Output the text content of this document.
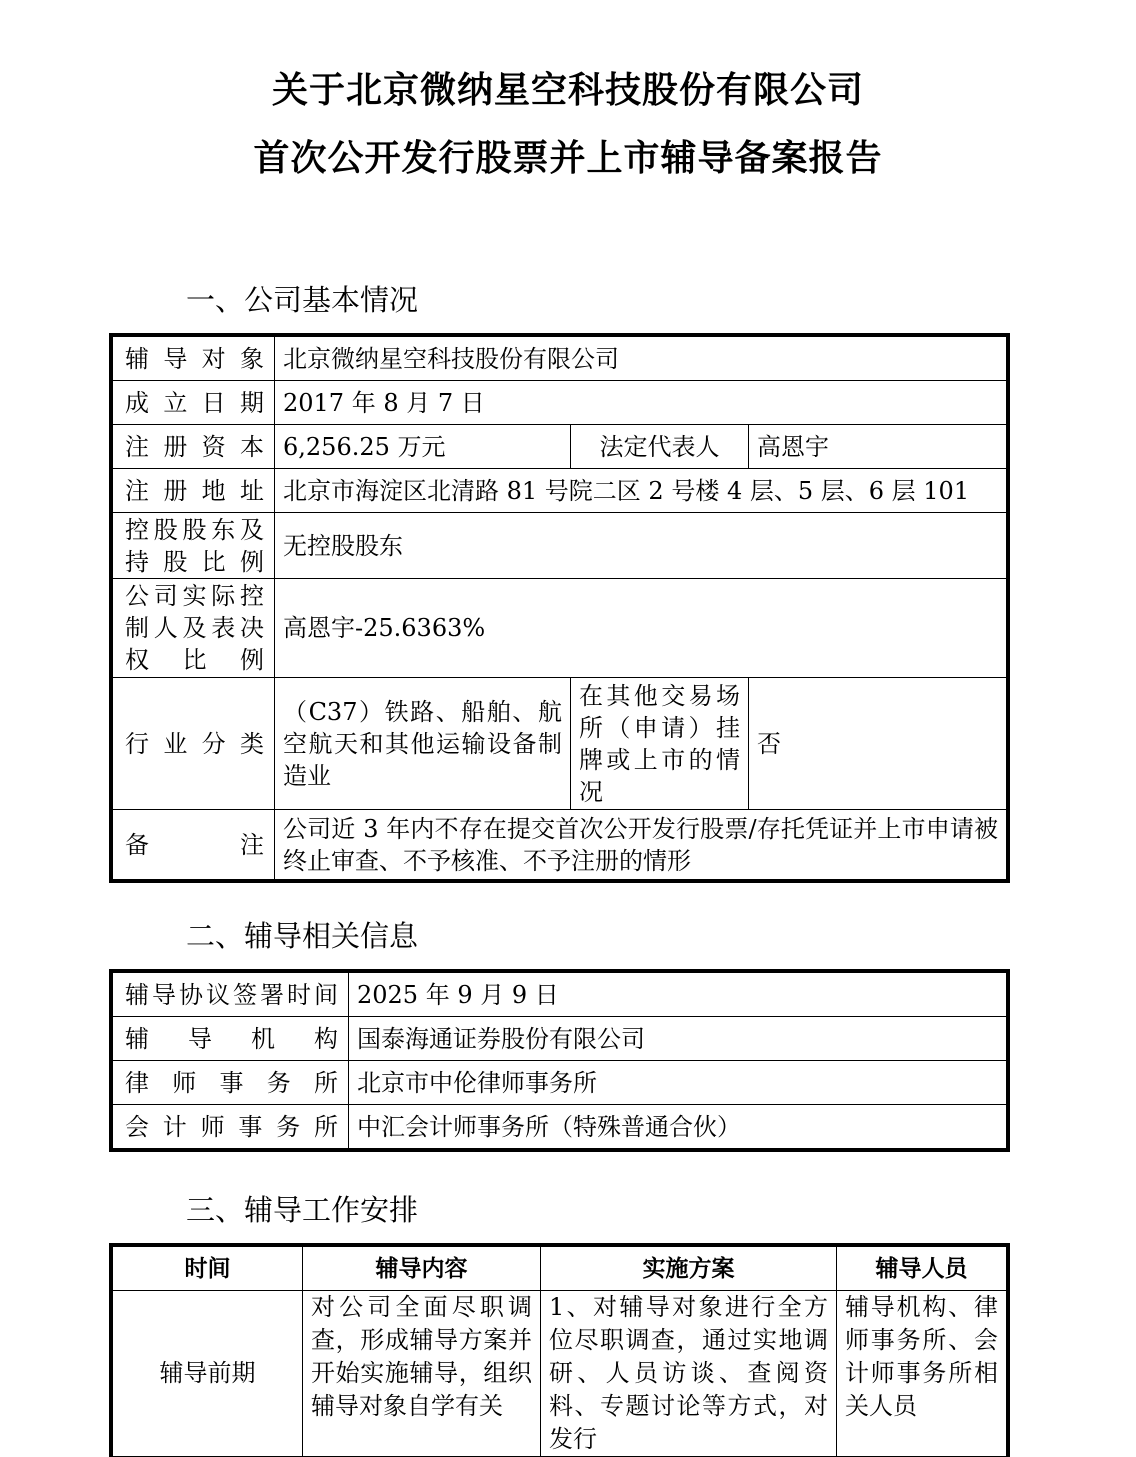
关于北京微纳星空科技股份有限公司
首次公开发行股票并上市辅导备案报告
一、公司基本情况
辅导对象	北京微纳星空科技股份有限公司		
成立日期	2017 年 8 月 7 日		
注册资本	6,256.25 万元	法定代表人	高恩宇
注册地址	北京市海淀区北清路 81 号院二区 2 号楼 4 层、5 层、6 层 101		

控股股东及
持股比例	无控股股东		

公司实际控
制人及表决
权比例	高恩宇-25.6363%		
行业分类	（C37）铁路、船舶、航空航天和其他运输设备制造业	在其他交易场所（申请）挂牌或上市的情况	否
备注	公司近 3 年内不存在提交首次公开发行股票/存托凭证并上市申请被终止审查、不予核准、不予注册的情形		
二、辅导相关信息
辅导协议签署时间	2025 年 9 月 9 日
辅导机构	国泰海通证券股份有限公司
律师事务所	北京市中伦律师事务所
会计师事务所	中汇会计师事务所（特殊普通合伙）
三、辅导工作安排
时间	辅导内容	实施方案	辅导人员
辅导前期	对公司全面尽职调查，形成辅导方案并开始实施辅导，组织辅导对象自学有关	1、对辅导对象进行全方位尽职调查，通过实地调研、人员访谈、查阅资料、专题讨论等方式，对发行	辅导机构、律师事务所、会计师事务所相关人员
